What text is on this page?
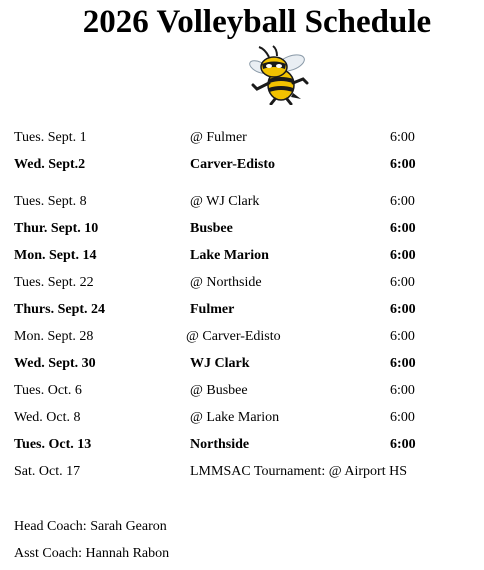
2026 Volleyball Schedule
Tues. Sept. 1	@ Fulmer	6:00
Wed. Sept.2	Carver-Edisto	6:00
Tues. Sept. 8	@ WJ Clark	6:00
Thur. Sept. 10	Busbee	6:00
Mon. Sept. 14	Lake Marion	6:00
Tues. Sept. 22	@ Northside	6:00
Thurs. Sept. 24	Fulmer	6:00
Mon. Sept. 28	@ Carver-Edisto	6:00
Wed. Sept. 30	WJ Clark	6:00
Tues. Oct. 6	@ Busbee	6:00
Wed. Oct. 8	@ Lake Marion	6:00
Tues. Oct. 13	Northside	6:00
Sat. Oct. 17	LMMSAC Tournament: @ Airport HS
Head Coach: Sarah Gearon
Asst Coach: Hannah Rabon
